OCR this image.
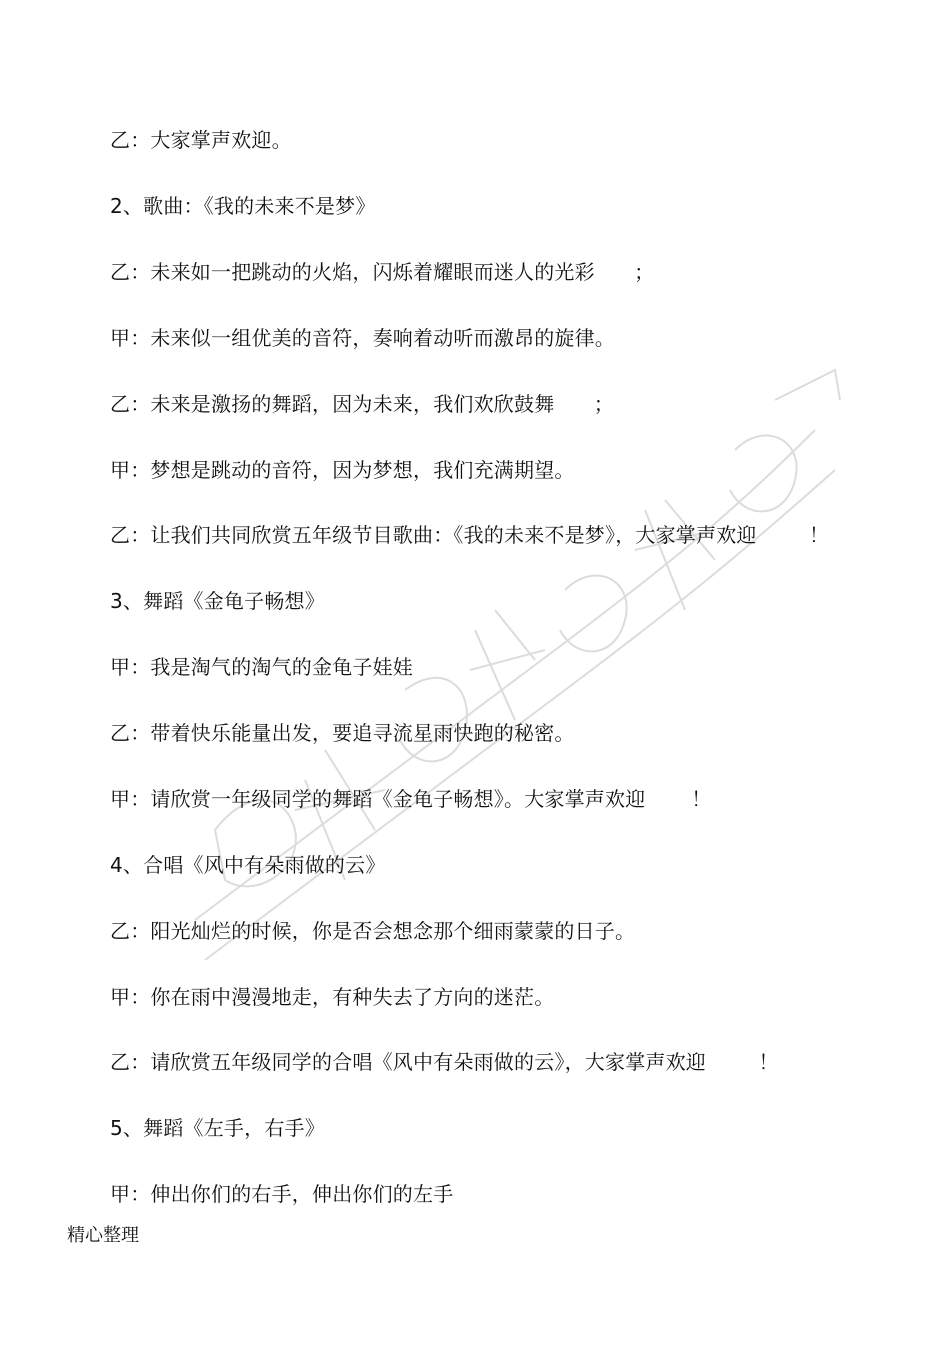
乙：大家掌声欢迎。
2、歌曲：《我的未来不是梦》
乙：未来如一把跳动的火焰，闪烁着耀眼而迷人的光彩      ；
甲：未来似一组优美的音符，奏响着动听而激昂的旋律。
乙：未来是激扬的舞蹈，因为未来，我们欢欣鼓舞      ；
甲：梦想是跳动的音符，因为梦想，我们充满期望。
乙：让我们共同欣赏五年级节目歌曲：《我的未来不是梦》，大家掌声欢迎        ！
3、舞蹈《金龟子畅想》
甲：我是淘气的淘气的金龟子娃娃
乙：带着快乐能量出发，要追寻流星雨快跑的秘密。
甲：请欣赏一年级同学的舞蹈《金龟子畅想》。大家掌声欢迎       ！
4、合唱《风中有朵雨做的云》
乙：阳光灿烂的时候，你是否会想念那个细雨蒙蒙的日子。
甲：你在雨中漫漫地走，有种失去了方向的迷茫。
乙：请欣赏五年级同学的合唱《风中有朵雨做的云》，大家掌声欢迎        ！
5、舞蹈《左手，右手》
甲：伸出你们的右手，伸出你们的左手
精心整理
